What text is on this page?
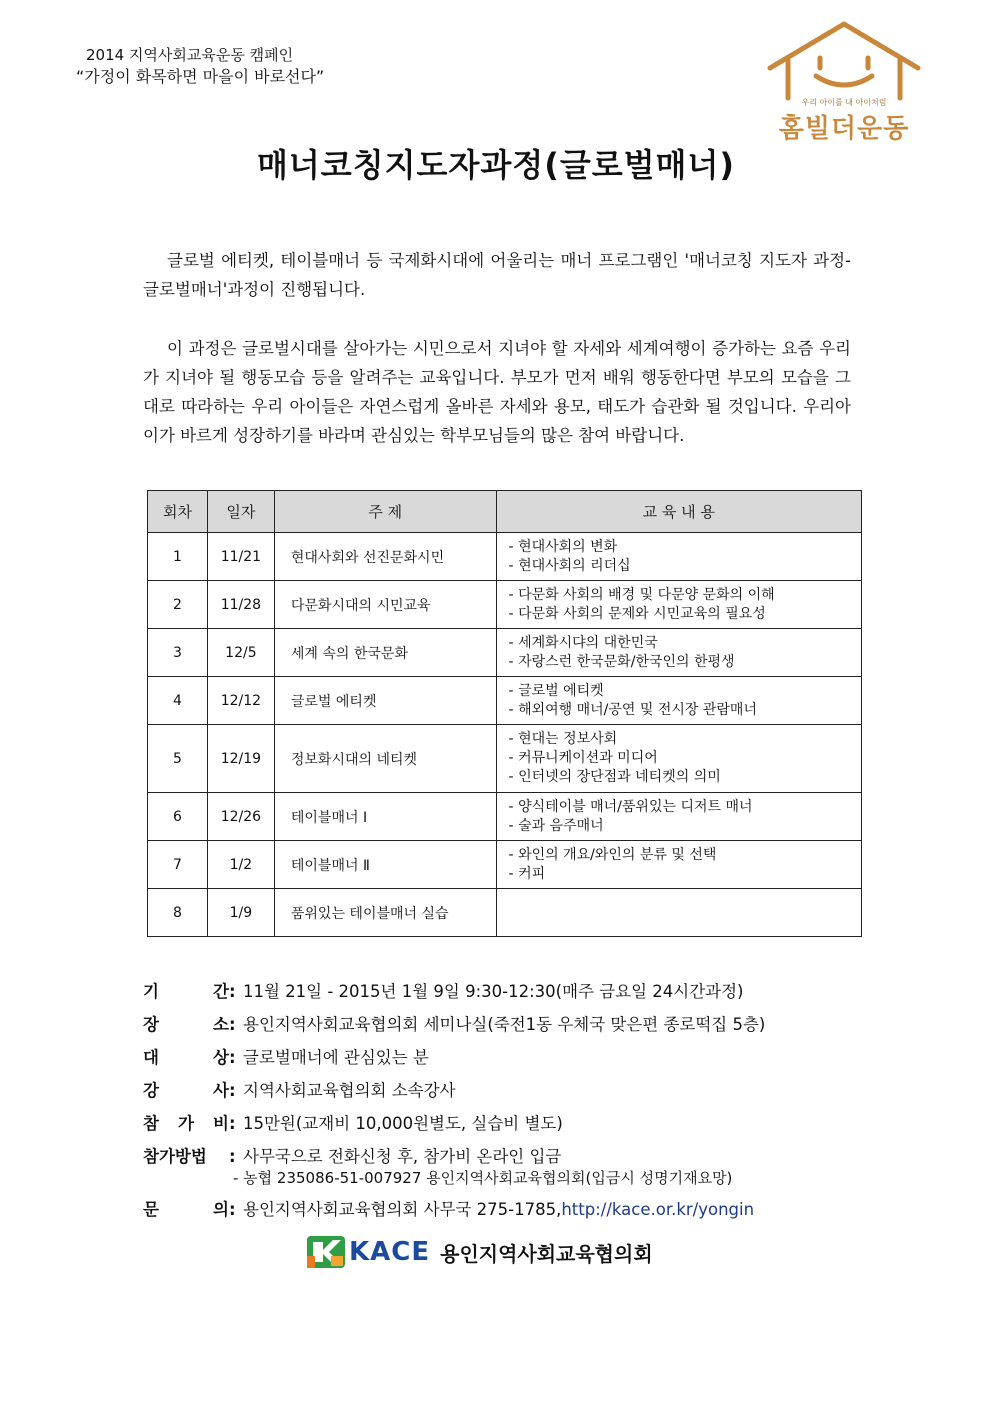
2014 지역사회교육운동 캠페인
“가정이 화목하면 마을이 바로선다”
우리 아이를 내 아이처럼
홈빌더운동
매너코칭지도자과정(글로벌매너)

글로벌 에티켓, 테이블매너 등 국제화시대에 어울리는 매너 프로그램인 '매너코칭 지도자 과정-글로벌매너'과정이 진행됩니다.

이 과정은 글로벌시대를 살아가는 시민으로서 지녀야 할 자세와 세계여행이 증가하는 요즘 우리가 지녀야 될 행동모습 등을 알려주는 교육입니다. 부모가 먼저 배워 행동한다면 부모의 모습을 그대로 따라하는 우리 아이들은 자연스럽게 올바른 자세와 용모, 태도가 습관화 될 것입니다. 우리아이가 바르게 성장하기를 바라며 관심있는 학부모님들의 많은 참여 바랍니다.

회차	일자	주 제	교 육 내 용
1	11/21	현대사회와 선진문화시민	- 현대사회의 변화
- 현대사회의 리더십

2	11/28	다문화시대의 시민교육	- 다문화 사회의 배경 및 다문양 문화의 이해
- 다문화 사회의 문제와 시민교육의 필요성

3	12/5	세계 속의 한국문화	- 세계화시댜의 대한민국
- 자랑스런 한국문화/한국인의 한평생

4	12/12	글로벌 에티켓	- 글로벌 에티켓
- 해외여행 매너/공연 및 전시장 관람매너

5	12/19	정보화시대의 네티켓	- 현대는 정보사회
- 커뮤니케이션과 미디어
- 인터넷의 장단점과 네티켓의 의미

6	12/26	테이블매너 Ⅰ	- 양식테이블 매너/품위있는 디저트 매너
- 술과 음주매너

7	1/2	테이블매너 Ⅱ	- 와인의 개요/와인의 분류 및 선택
- 커피

8	1/9	품위있는 테이블매너 실습	
기	간 : 11월 21일 - 2015년 1월 9일 9:30-12:30(매주 금요일 24시간과정)
장	소 : 용인지역사회교육협의회 세미나실(죽전1동 우체국 맞은편 종로떡집 5층)
대	상 : 글로벌매너에 관심있는 분
강	사 : 지역사회교육협의회 소속강사
참 가 비 : 15만원(교재비 10,000원별도, 실습비 별도)
참가방법 : 사무국으로 전화신청 후, 참가비 온라인 입금
- 농협 235086-51-007927 용인지역사회교육협의회(입금시 성명기재요망)
문	의 : 용인지역사회교육협의회 사무국 275-1785, http://kace.or.kr/yongin
KACE 용인지역사회교육협의회
